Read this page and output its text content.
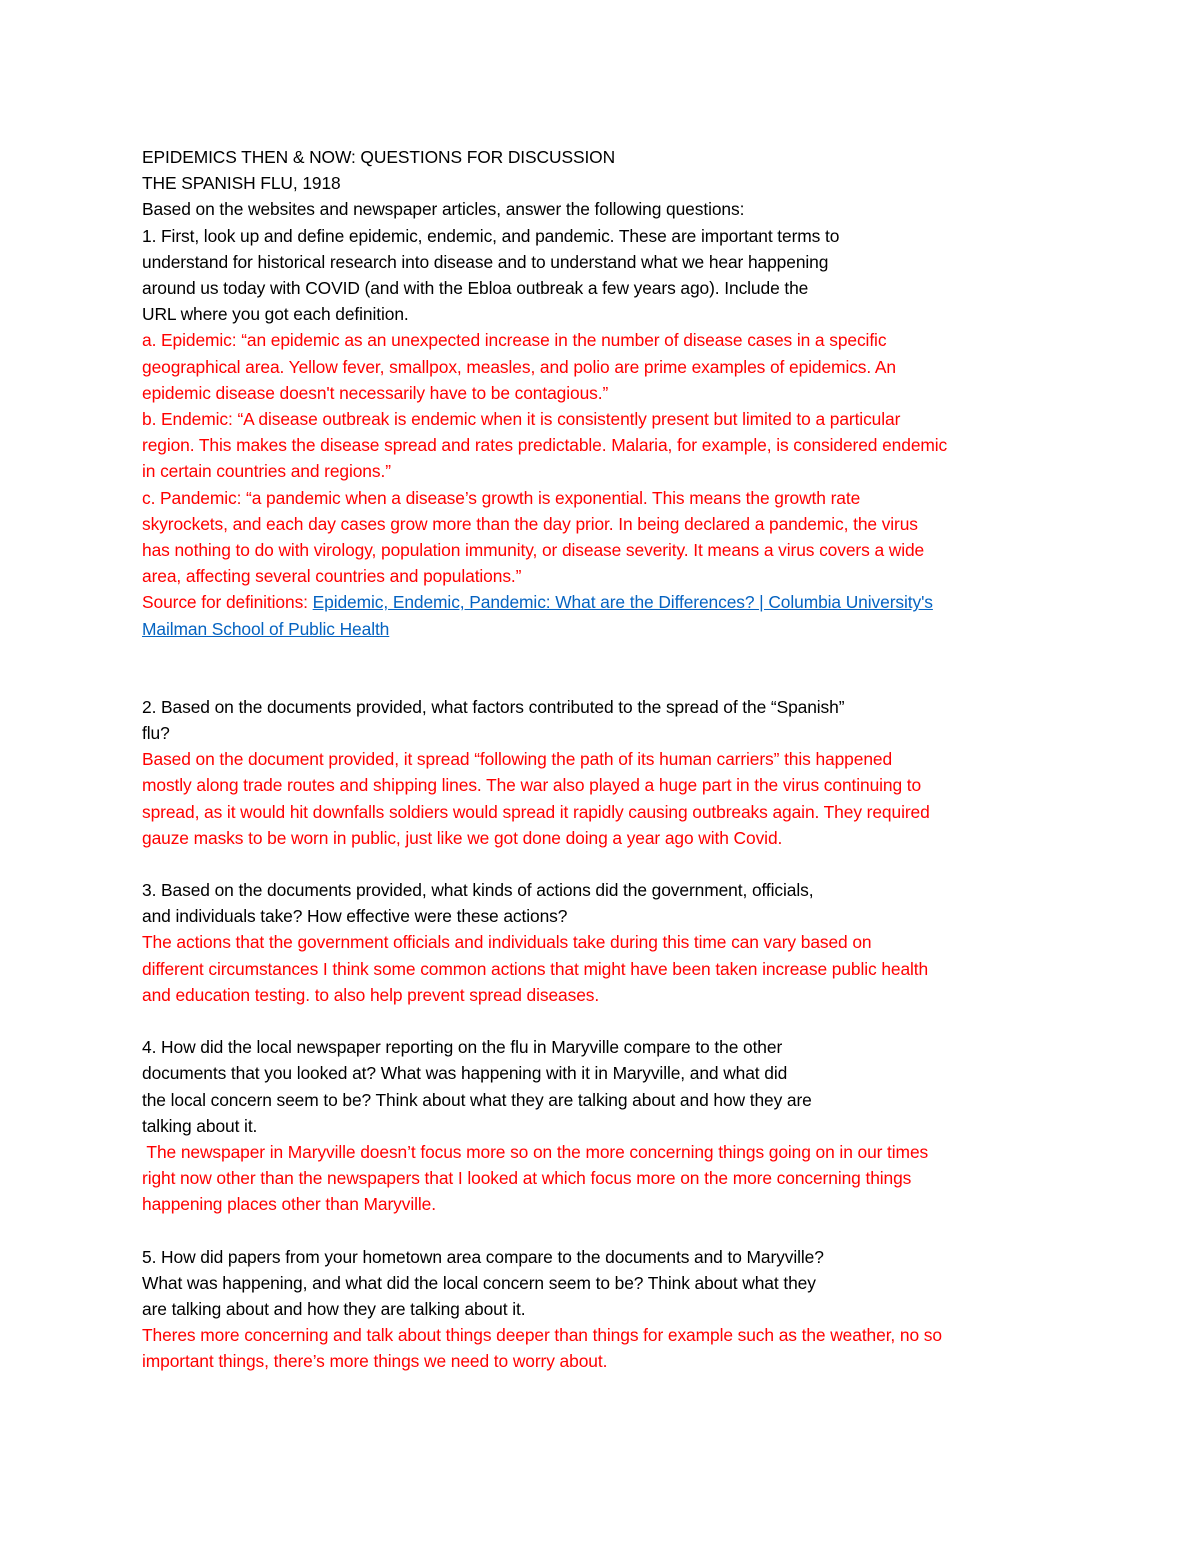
EPIDEMICS THEN & NOW: QUESTIONS FOR DISCUSSION
THE SPANISH FLU, 1918
Based on the websites and newspaper articles, answer the following questions:
1. First, look up and define epidemic, endemic, and pandemic. These are important terms to
understand for historical research into disease and to understand what we hear happening
around us today with COVID (and with the Ebloa outbreak a few years ago). Include the
URL where you got each definition.
a. Epidemic: “an epidemic as an unexpected increase in the number of disease cases in a specific
geographical area. Yellow fever, smallpox, measles, and polio are prime examples of epidemics. An
epidemic disease doesn't necessarily have to be contagious.”
b. Endemic: “A disease outbreak is endemic when it is consistently present but limited to a particular
region. This makes the disease spread and rates predictable. Malaria, for example, is considered endemic
in certain countries and regions.”
c. Pandemic: “a pandemic when a disease’s growth is exponential. This means the growth rate
skyrockets, and each day cases grow more than the day prior. In being declared a pandemic, the virus
has nothing to do with virology, population immunity, or disease severity. It means a virus covers a wide
area, affecting several countries and populations.”
Source for definitions: Epidemic, Endemic, Pandemic: What are the Differences? | Columbia University's
Mailman School of Public Health
2. Based on the documents provided, what factors contributed to the spread of the “Spanish”
flu?
Based on the document provided, it spread “following the path of its human carriers” this happened
mostly along trade routes and shipping lines. The war also played a huge part in the virus continuing to
spread, as it would hit downfalls soldiers would spread it rapidly causing outbreaks again. They required
gauze masks to be worn in public, just like we got done doing a year ago with Covid.
3. Based on the documents provided, what kinds of actions did the government, officials,
and individuals take? How effective were these actions?
The actions that the government officials and individuals take during this time can vary based on
different circumstances I think some common actions that might have been taken increase public health
and education testing. to also help prevent spread diseases.
4. How did the local newspaper reporting on the flu in Maryville compare to the other
documents that you looked at? What was happening with it in Maryville, and what did
the local concern seem to be? Think about what they are talking about and how they are
talking about it.
The newspaper in Maryville doesn’t focus more so on the more concerning things going on in our times
right now other than the newspapers that I looked at which focus more on the more concerning things
happening places other than Maryville.
5. How did papers from your hometown area compare to the documents and to Maryville?
What was happening, and what did the local concern seem to be? Think about what they
are talking about and how they are talking about it.
Theres more concerning and talk about things deeper than things for example such as the weather, no so
important things, there’s more things we need to worry about.
